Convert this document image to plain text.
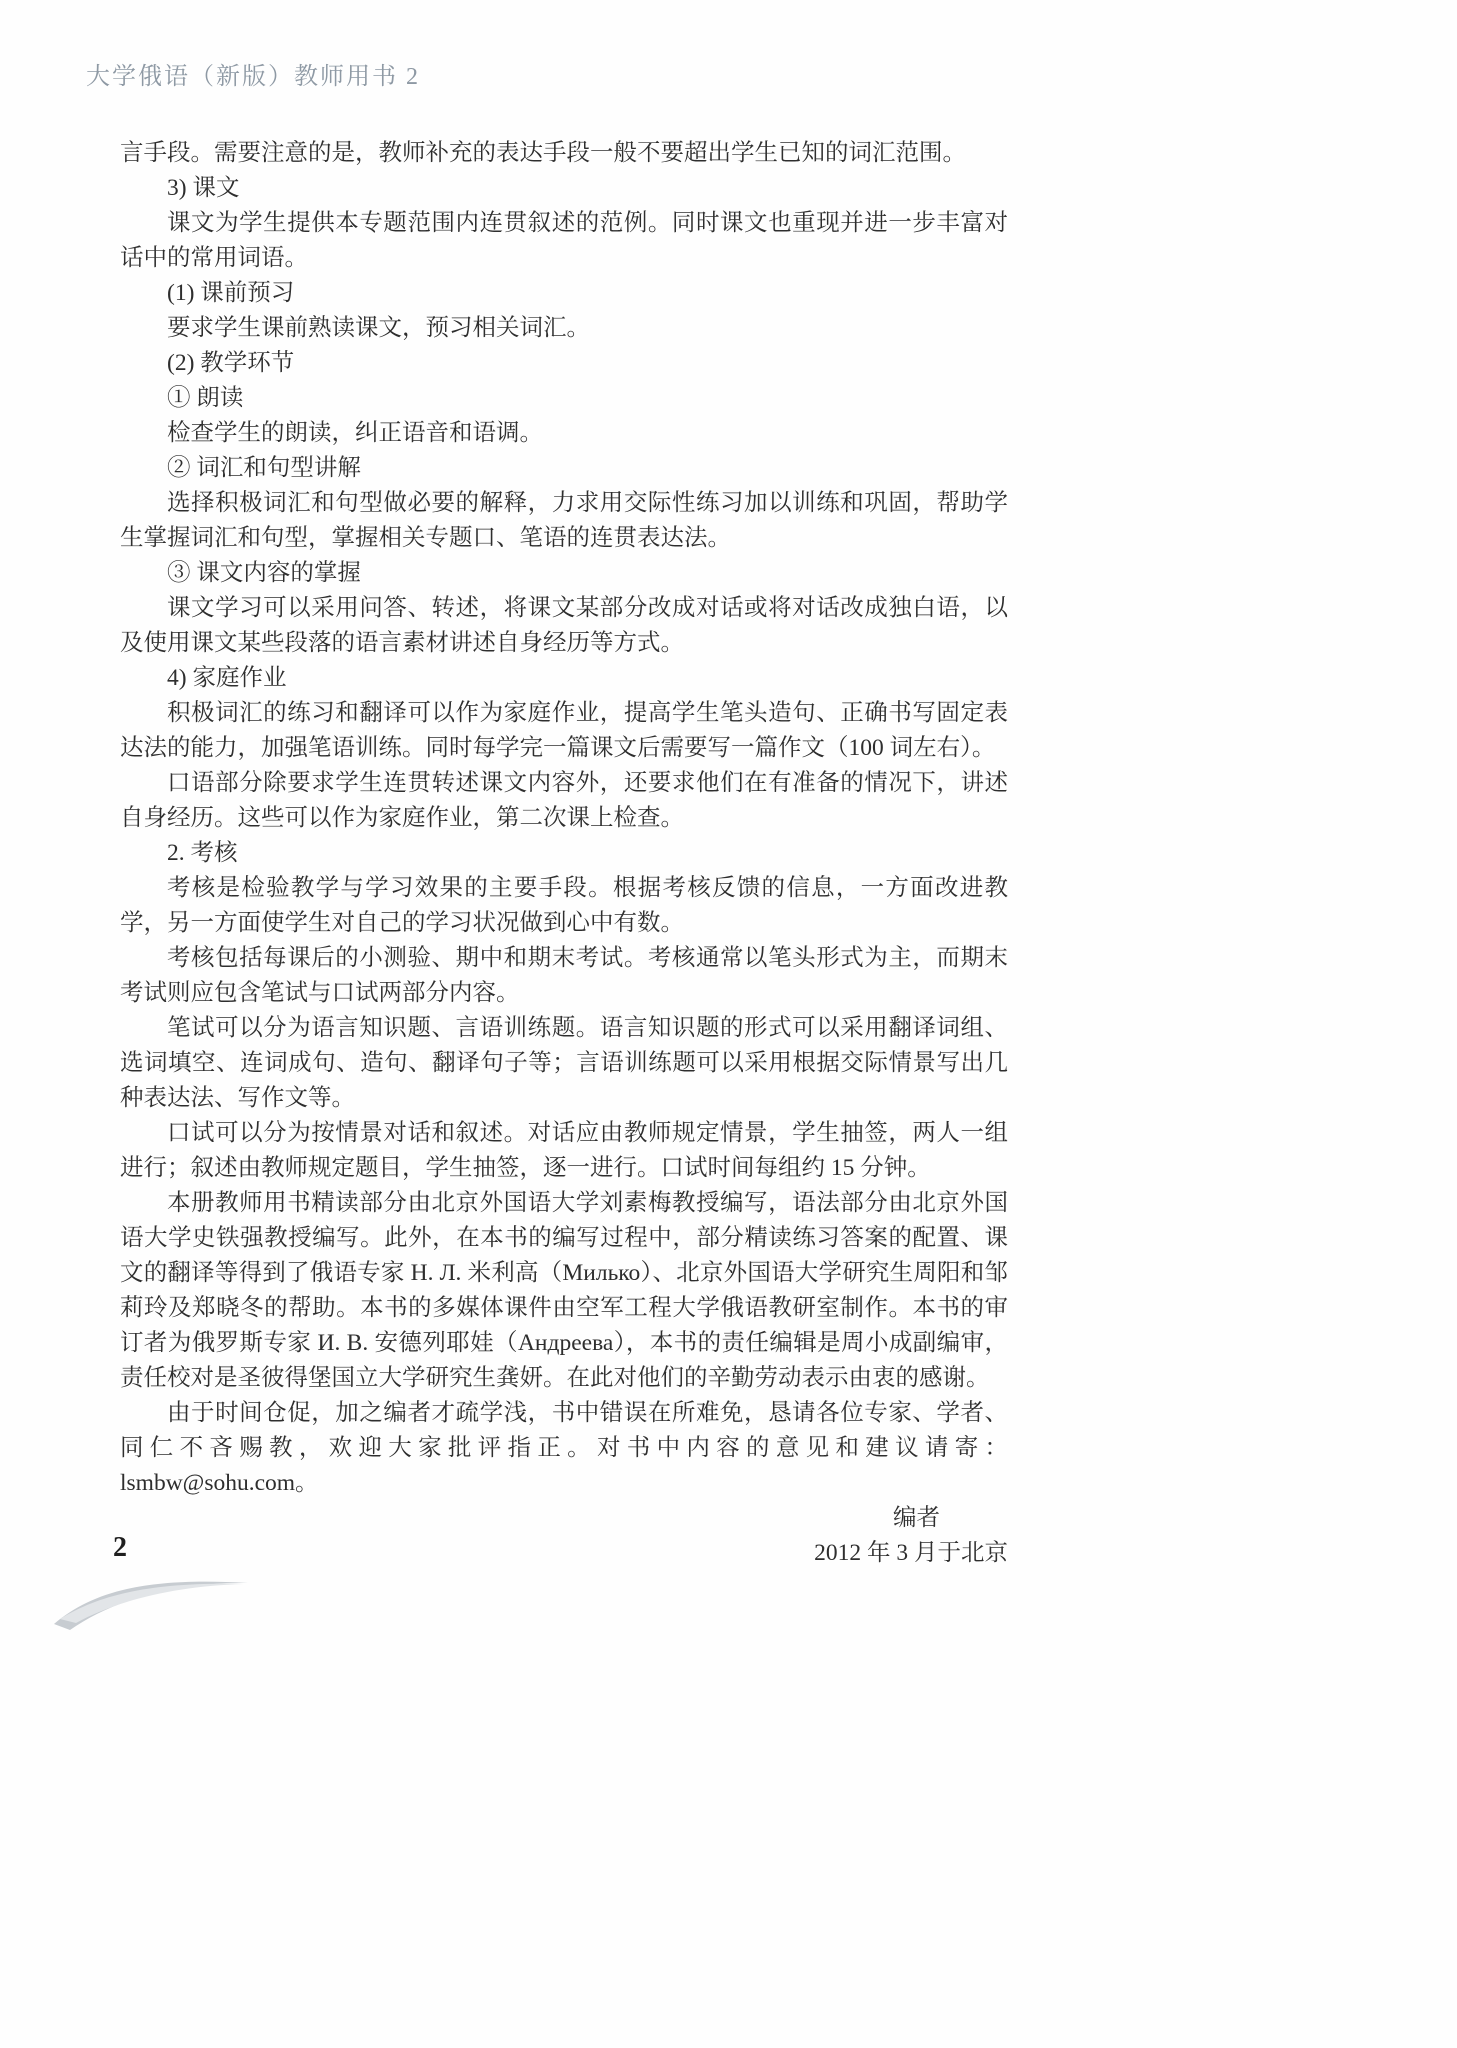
大学俄语（新版）教师用书 2

言手段。需要注意的是，教师补充的表达手段一般不要超出学生已知的词汇范围。

3) 课文

课文为学生提供本专题范围内连贯叙述的范例。同时课文也重现并进一步丰富对话中的常用词语。

(1) 课前预习

要求学生课前熟读课文，预习相关词汇。

(2) 教学环节

① 朗读

检查学生的朗读，纠正语音和语调。

② 词汇和句型讲解

选择积极词汇和句型做必要的解释，力求用交际性练习加以训练和巩固，帮助学生掌握词汇和句型，掌握相关专题口、笔语的连贯表达法。

③ 课文内容的掌握

课文学习可以采用问答、转述，将课文某部分改成对话或将对话改成独白语，以及使用课文某些段落的语言素材讲述自身经历等方式。

4) 家庭作业

积极词汇的练习和翻译可以作为家庭作业，提高学生笔头造句、正确书写固定表达法的能力，加强笔语训练。同时每学完一篇课文后需要写一篇作文（100 词左右）。

口语部分除要求学生连贯转述课文内容外，还要求他们在有准备的情况下，讲述自身经历。这些可以作为家庭作业，第二次课上检查。

2. 考核

考核是检验教学与学习效果的主要手段。根据考核反馈的信息，一方面改进教学，另一方面使学生对自己的学习状况做到心中有数。

考核包括每课后的小测验、期中和期末考试。考核通常以笔头形式为主，而期末考试则应包含笔试与口试两部分内容。

笔试可以分为语言知识题、言语训练题。语言知识题的形式可以采用翻译词组、选词填空、连词成句、造句、翻译句子等；言语训练题可以采用根据交际情景写出几种表达法、写作文等。

口试可以分为按情景对话和叙述。对话应由教师规定情景，学生抽签，两人一组进行；叙述由教师规定题目，学生抽签，逐一进行。口试时间每组约 15 分钟。

本册教师用书精读部分由北京外国语大学刘素梅教授编写，语法部分由北京外国语大学史铁强教授编写。此外，在本书的编写过程中，部分精读练习答案的配置、课文的翻译等得到了俄语专家 Н. Л. 米利高（Милько）、北京外国语大学研究生周阳和邹莉玲及郑晓冬的帮助。本书的多媒体课件由空军工程大学俄语教研室制作。本书的审订者为俄罗斯专家 И. В. 安德列耶娃（Андреева），本书的责任编辑是周小成副编审，责任校对是圣彼得堡国立大学研究生龚妍。在此对他们的辛勤劳动表示由衷的感谢。

由于时间仓促，加之编者才疏学浅，书中错误在所难免，恳请各位专家、学者、同仁不吝赐教，欢迎大家批评指正。对书中内容的意见和建议请寄：lsmbw@sohu.com。

编者

2012 年 3 月于北京

2
